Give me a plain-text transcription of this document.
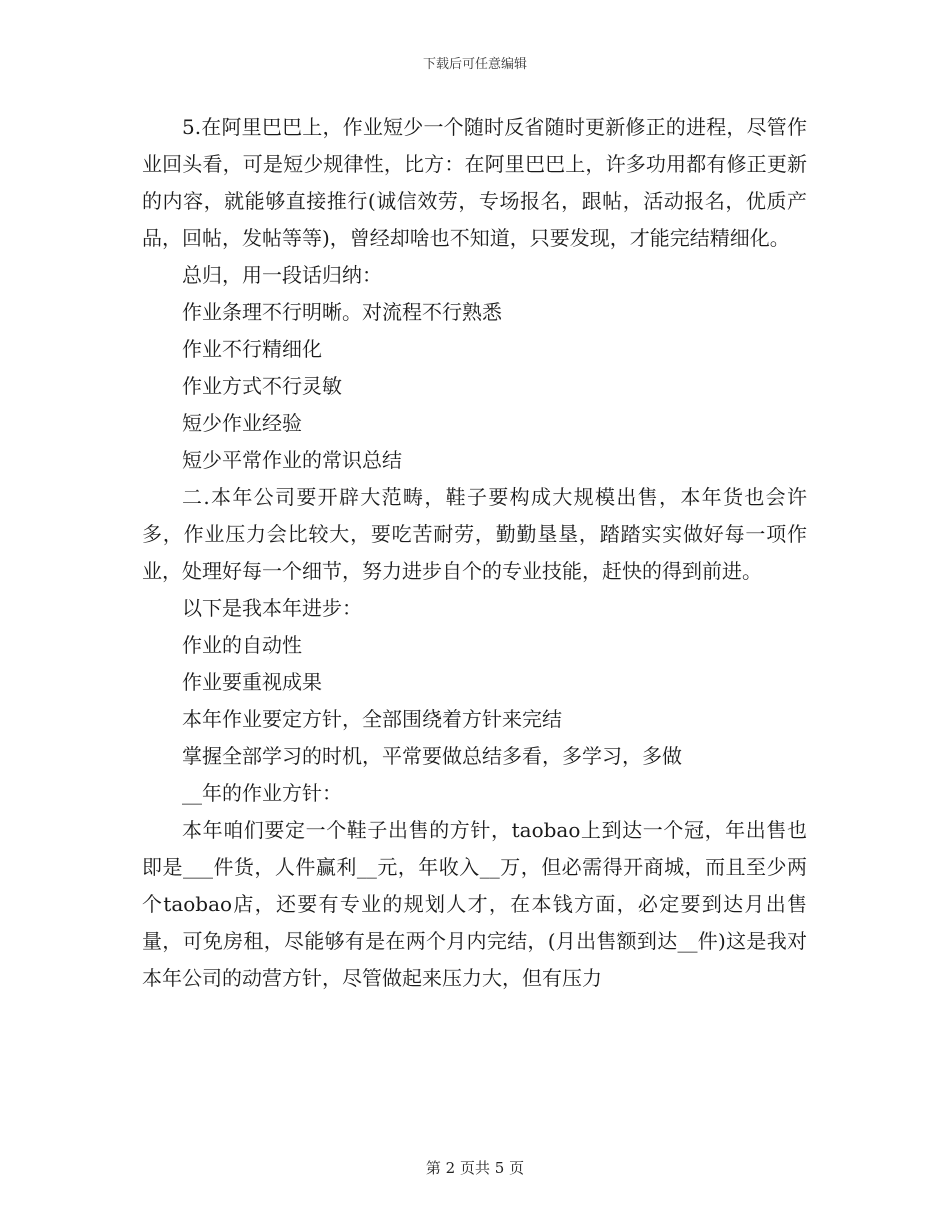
下载后可任意编辑

5.在阿里巴巴上，作业短少一个随时反省随时更新修正的进程，尽管作业回头看，可是短少规律性，比方：在阿里巴巴上，许多功用都有修正更新的内容，就能够直接推行(诚信效劳，专场报名，跟帖，活动报名，优质产品，回帖，发帖等等)，曾经却啥也不知道，只要发现，才能完结精细化。

总归，用一段话归纳：

作业条理不行明晰。对流程不行熟悉

作业不行精细化

作业方式不行灵敏

短少作业经验

短少平常作业的常识总结

二.本年公司要开辟大范畴，鞋子要构成大规模出售，本年货也会许多，作业压力会比较大，要吃苦耐劳，勤勤垦垦，踏踏实实做好每一项作业，处理好每一个细节，努力进步自个的专业技能，赶快的得到前进。

以下是我本年进步：

作业的自动性

作业要重视成果

本年作业要定方针，全部围绕着方针来完结

掌握全部学习的时机，平常要做总结多看，多学习，多做

__年的作业方针：

本年咱们要定一个鞋子出售的方针，taobao上到达一个冠，年出售也即是___件货，人件赢利__元，年收入__万，但必需得开商城，而且至少两个taobao店，还要有专业的规划人才，在本钱方面，必定要到达月出售量，可免房租，尽能够有是在两个月内完结，(月出售额到达__件)这是我对本年公司的动营方针，尽管做起来压力大，但有压力

第 2 页共 5 页
